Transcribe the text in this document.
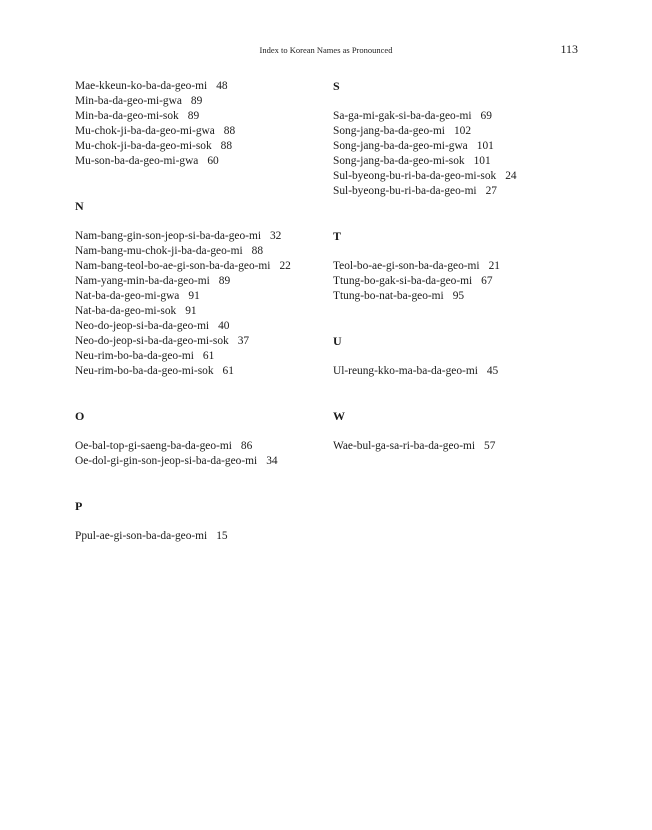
Index to Korean Names as Pronounced	113
Mae-kkeun-ko-ba-da-geo-mi 48
Min-ba-da-geo-mi-gwa 89
Min-ba-da-geo-mi-sok 89
Mu-chok-ji-ba-da-geo-mi-gwa 88
Mu-chok-ji-ba-da-geo-mi-sok 88
Mu-son-ba-da-geo-mi-gwa 60
N
Nam-bang-gin-son-jeop-si-ba-da-geo-mi 32
Nam-bang-mu-chok-ji-ba-da-geo-mi 88
Nam-bang-teol-bo-ae-gi-son-ba-da-geo-mi 22
Nam-yang-min-ba-da-geo-mi 89
Nat-ba-da-geo-mi-gwa 91
Nat-ba-da-geo-mi-sok 91
Neo-do-jeop-si-ba-da-geo-mi 40
Neo-do-jeop-si-ba-da-geo-mi-sok 37
Neu-rim-bo-ba-da-geo-mi 61
Neu-rim-bo-ba-da-geo-mi-sok 61
O
Oe-bal-top-gi-saeng-ba-da-geo-mi 86
Oe-dol-gi-gin-son-jeop-si-ba-da-geo-mi 34
P
Ppul-ae-gi-son-ba-da-geo-mi 15
S
Sa-ga-mi-gak-si-ba-da-geo-mi 69
Song-jang-ba-da-geo-mi 102
Song-jang-ba-da-geo-mi-gwa 101
Song-jang-ba-da-geo-mi-sok 101
Sul-byeong-bu-ri-ba-da-geo-mi-sok 24
Sul-byeong-bu-ri-ba-da-geo-mi 27
T
Teol-bo-ae-gi-son-ba-da-geo-mi 21
Ttung-bo-gak-si-ba-da-geo-mi 67
Ttung-bo-nat-ba-geo-mi 95
U
Ul-reung-kko-ma-ba-da-geo-mi 45
W
Wae-bul-ga-sa-ri-ba-da-geo-mi 57
